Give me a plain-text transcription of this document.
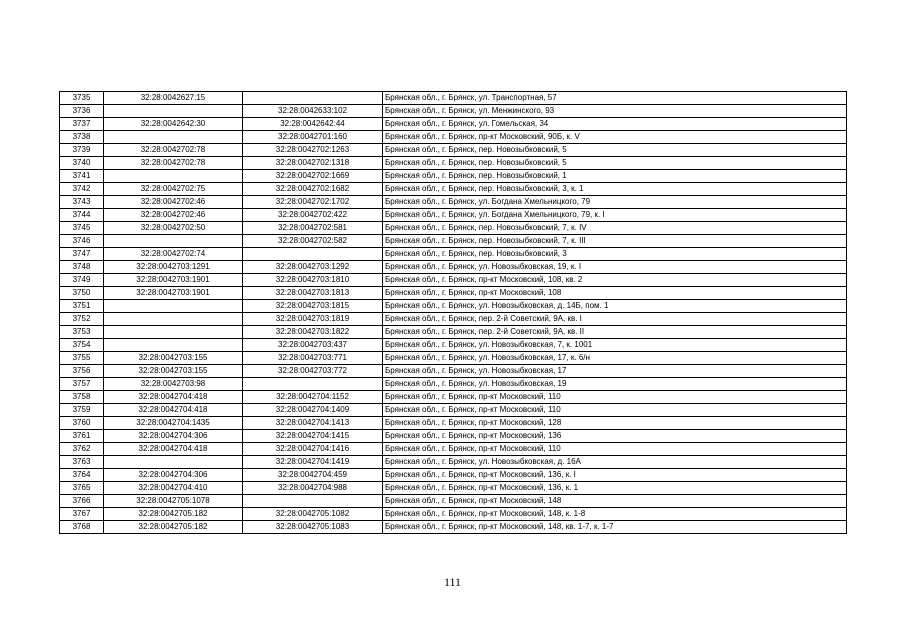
3735	32:28:0042627:15		Брянская обл., г. Брянск, ул. Транспортная, 57
3736		32:28:0042633:102	Брянская обл., г. Брянск, ул. Менжинского, 93
3737	32:28:0042642:30	32:28:0042642:44	Брянская обл., г. Брянск, ул. Гомельская, 34
3738		32:28:0042701:160	Брянская обл., г. Брянск, пр-кт Московский, 90Б, к. V
3739	32:28:0042702:78	32:28:0042702:1263	Брянская обл., г. Брянск, пер. Новозыбковский, 5
3740	32:28:0042702:78	32:28:0042702:1318	Брянская обл., г. Брянск, пер. Новозыбковский, 5
3741		32:28:0042702:1669	Брянская обл., г. Брянск, пер. Новозыбковский, 1
3742	32:28:0042702:75	32:28:0042702:1682	Брянская обл., г. Брянск, пер. Новозыбковский, 3, к. 1
3743	32:28:0042702:46	32:28:0042702:1702	Брянская обл., г. Брянск, ул. Богдана Хмельницкого, 79
3744	32:28:0042702:46	32:28:0042702:422	Брянская обл., г. Брянск, ул. Богдана Хмельницкого, 79, к. I
3745	32:28:0042702:50	32:28:0042702:581	Брянская обл., г. Брянск, пер. Новозыбковский, 7, к. IV
3746		32:28:0042702:582	Брянская обл., г. Брянск, пер. Новозыбковский, 7, к. III
3747	32:28:0042702:74		Брянская обл., г. Брянск, пер. Новозыбковский, 3
3748	32:28:0042703:1291	32:28:0042703:1292	Брянская обл., г. Брянск, ул. Новозыбковская, 19, к. I
3749	32:28:0042703:1901	32:28:0042703:1810	Брянская обл., г. Брянск, пр-кт Московский, 108, кв. 2
3750	32:28:0042703:1901	32:28:0042703:1813	Брянская обл., г. Брянск, пр-кт Московский, 108
3751		32:28:0042703:1815	Брянская обл., г. Брянск, ул. Новозыбковская, д. 14Б, пом. 1
3752		32:28:0042703:1819	Брянская обл., г. Брянск, пер. 2-й Советский, 9А, кв. I
3753		32:28:0042703:1822	Брянская обл., г. Брянск, пер. 2-й Советский, 9А, кв. II
3754		32:28:0042703:437	Брянская обл., г. Брянск, ул. Новозыбковская, 7, к. 1001
3755	32:28:0042703:155	32:28:0042703:771	Брянская обл., г. Брянск, ул. Новозыбковская, 17, к. 6/н
3756	32:28:0042703:155	32:28:0042703:772	Брянская обл., г. Брянск, ул. Новозыбковская, 17
3757	32:28:0042703:98		Брянская обл., г. Брянск, ул. Новозыбковская, 19
3758	32:28:0042704:418	32:28:0042704:1152	Брянская обл., г. Брянск, пр-кт Московский, 110
3759	32:28:0042704:418	32:28:0042704:1409	Брянская обл., г. Брянск, пр-кт Московский, 110
3760	32:28:0042704:1435	32:28:0042704:1413	Брянская обл., г. Брянск, пр-кт Московский, 128
3761	32:28:0042704:306	32:28:0042704:1415	Брянская обл., г. Брянск, пр-кт Московский, 136
3762	32:28:0042704:418	32:28:0042704:1416	Брянская обл., г. Брянск, пр-кт Московский, 110
3763		32:28:0042704:1419	Брянская обл., г. Брянск, ул. Новозыбковская, д. 16А
3764	32:28:0042704:306	32:28:0042704:459	Брянская обл., г. Брянск, пр-кт Московский, 136, к. I
3765	32:28:0042704:410	32:28:0042704:988	Брянская обл., г. Брянск, пр-кт Московский, 136, к. 1
3766	32:28:0042705:1078		Брянская обл., г. Брянск, пр-кт Московский, 148
3767	32:28:0042705:182	32:28:0042705:1082	Брянская обл., г. Брянск, пр-кт Московский, 148, к. 1-8
3768	32:28:0042705:182	32:28:0042705:1083	Брянская обл., г. Брянск, пр-кт Московский, 148, кв. 1-7, к. 1-7
111
